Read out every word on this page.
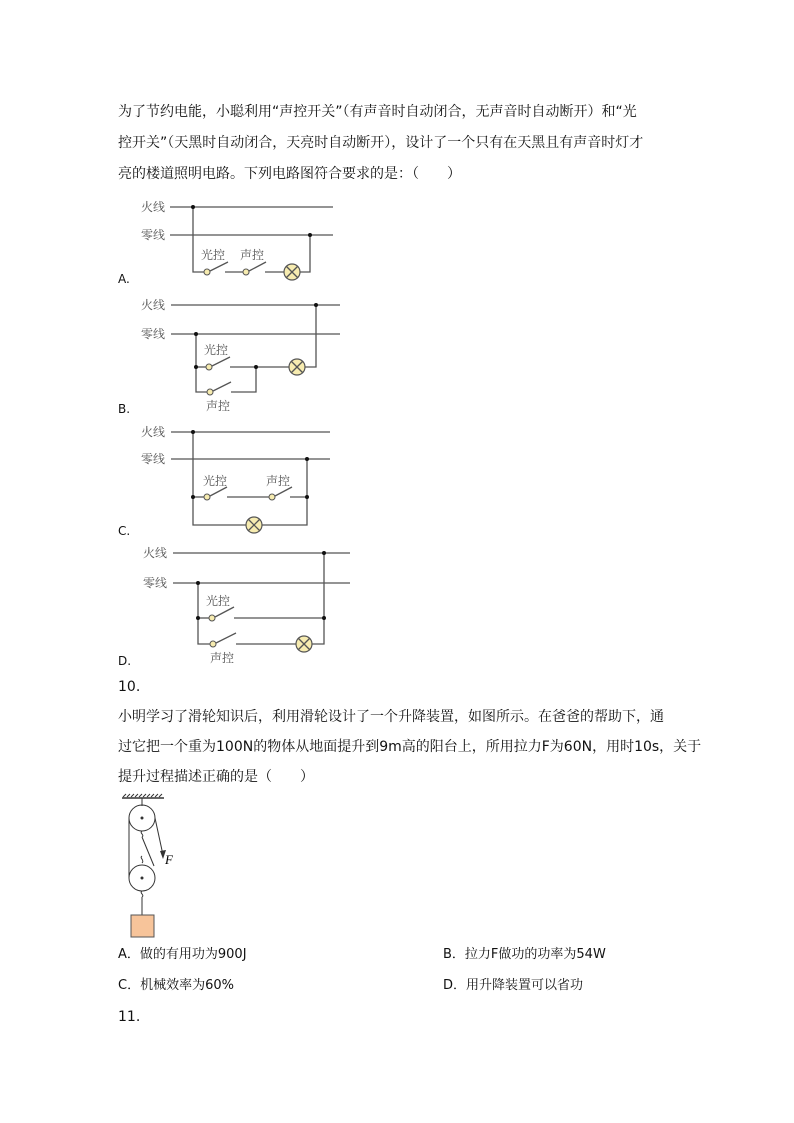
为了节约电能，小聪利用“声控开关”（有声音时自动闭合，无声音时自动断开）和“光
控开关”（天黑时自动闭合，天亮时自动断开），设计了一个只有在天黑且有声音时灯才
亮的楼道照明电路。下列电路图符合要求的是：（　　）
火线
零线
光控 声控
火线
零线
光控
声控
火线
零线
光控	声控
火线
零线
光控
声控
A.
B.
C.
D.
10.
小明学习了滑轮知识后，利用滑轮设计了一个升降装置，如图所示。在爸爸的帮助下，通
过它把一个重为100N的物体从地面提升到9m高的阳台上，所用拉力F为60N，用时10s，关于
提升过程描述正确的是（　　）
F
A．做的有用功为900J	B．拉力F做功的功率为54W
C．机械效率为60%	D．用升降装置可以省功
11.
